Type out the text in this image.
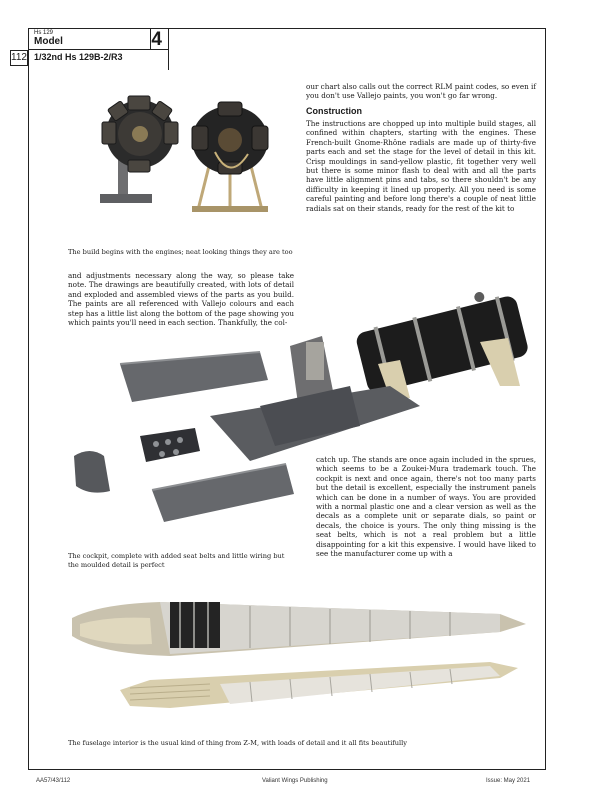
Hs 129
Model	4
112 1/32nd Hs 129B-2/R3

our chart also calls out the correct RLM paint codes, so even if you don't use Vallejo paints, you won't go far wrong.

Construction

The instructions are chopped up into multiple build stages, all confined within chapters, starting with the engines. These French-built Gnome-Rhône radials are made up of thirty-five parts each and set the stage for the level of detail in this kit. Crisp mouldings in sand-yellow plastic, fit together very well but there is some minor flash to deal with and all the parts have little alignment pins and tabs, so there shouldn't be any difficulty in keeping it lined up properly. All you need is some careful painting and before long there's a couple of neat little radials sat on their stands, ready for the rest of the kit to

The build begins with the engines; neat looking things they are too

and adjustments necessary along the way, so please take note. The drawings are beautifully created, with lots of detail and exploded and assembled views of the parts as you build. The paints are all referenced with Vallejo colours and each step has a little list along the bottom of the page showing you which paints you'll need in each section. Thankfully, the col-

catch up. The stands are once again included in the sprues, which seems to be a Zoukei-Mura trademark touch. The cockpit is next and once again, there's not too many parts but the detail is excellent, especially the instrument panels which can be done in a number of ways. You are provided with a normal plastic one and a clear version as well as the decals as a complete unit or separate dials, so paint or decals, the choice is yours. The only thing missing is the seat belts, which is not a real problem but a little disappointing for a kit this expensive. I would have liked to see the manufacturer come up with a

The cockpit, complete with added seat belts and little wiring but the moulded detail is perfect

The fuselage interior is the usual kind of thing from Z-M, with loads of detail and it all fits beautifully

AA57/43/112	Valiant Wings Publishing	Issue: May 2021
